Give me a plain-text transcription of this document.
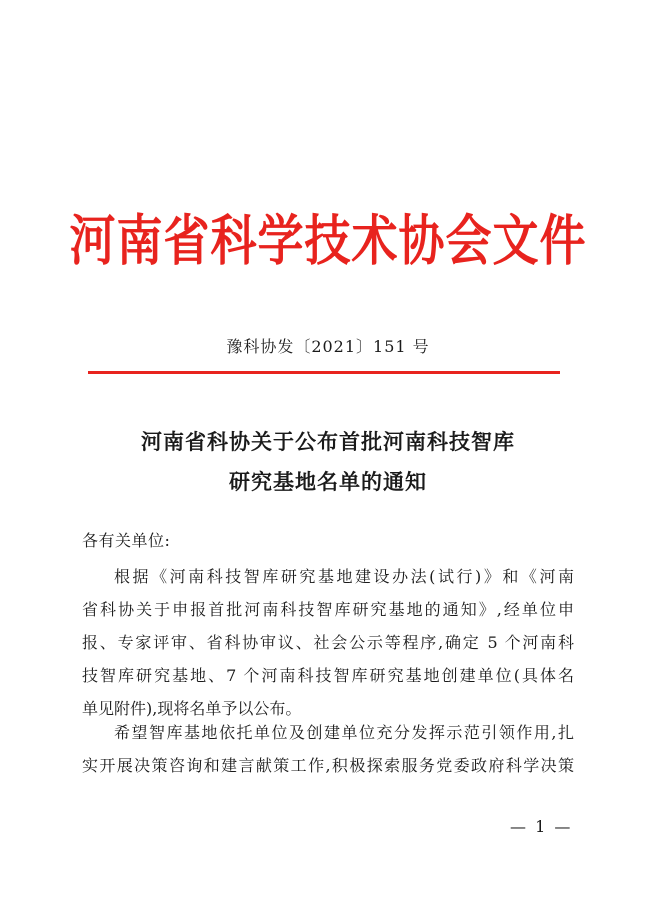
河南省科学技术协会文件
豫科协发〔2021〕151 号
河南省科协关于公布首批河南科技智库
研究基地名单的通知
各有关单位:
根据《河南科技智库研究基地建设办法(试行)》和《河南
省科协关于申报首批河南科技智库研究基地的通知》,经单位申
报、专家评审、省科协审议、社会公示等程序,确定 5 个河南科
技智库研究基地、7 个河南科技智库研究基地创建单位(具体名
单见附件),现将名单予以公布。
希望智库基地依托单位及创建单位充分发挥示范引领作用,扎
实开展决策咨询和建言献策工作,积极探索服务党委政府科学决策
— 1 —
